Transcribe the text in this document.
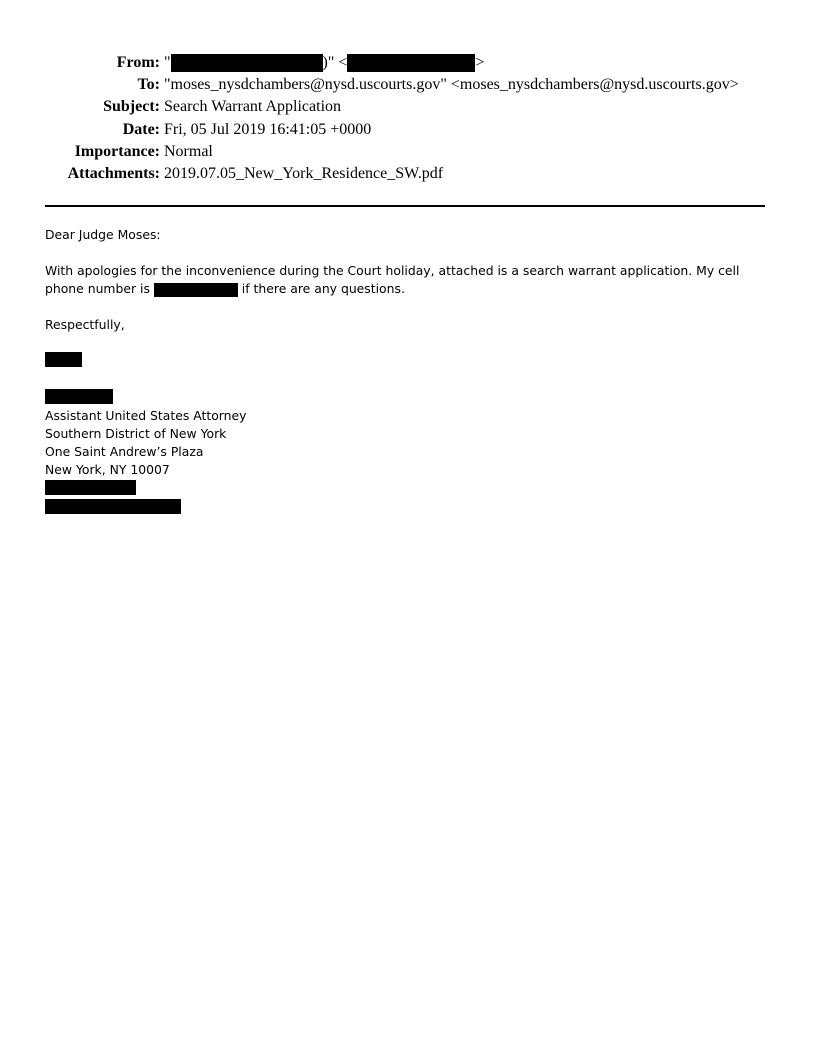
From: "	)" <	>
To: "moses_nysdchambers@nysd.uscourts.gov" <moses_nysdchambers@nysd.uscourts.gov>
Subject: Search Warrant Application
Date: Fri, 05 Jul 2019 16:41:05 +0000
Importance: Normal
Attachments: 2019.07.05_New_York_Residence_SW.pdf

Dear Judge Moses:

With apologies for the inconvenience during the Court holiday, attached is a search warrant application. My cell phone number is	if there are any questions.

Respectfully,

Assistant United States Attorney
Southern District of New York
One Saint Andrew’s Plaza
New York, NY 10007
